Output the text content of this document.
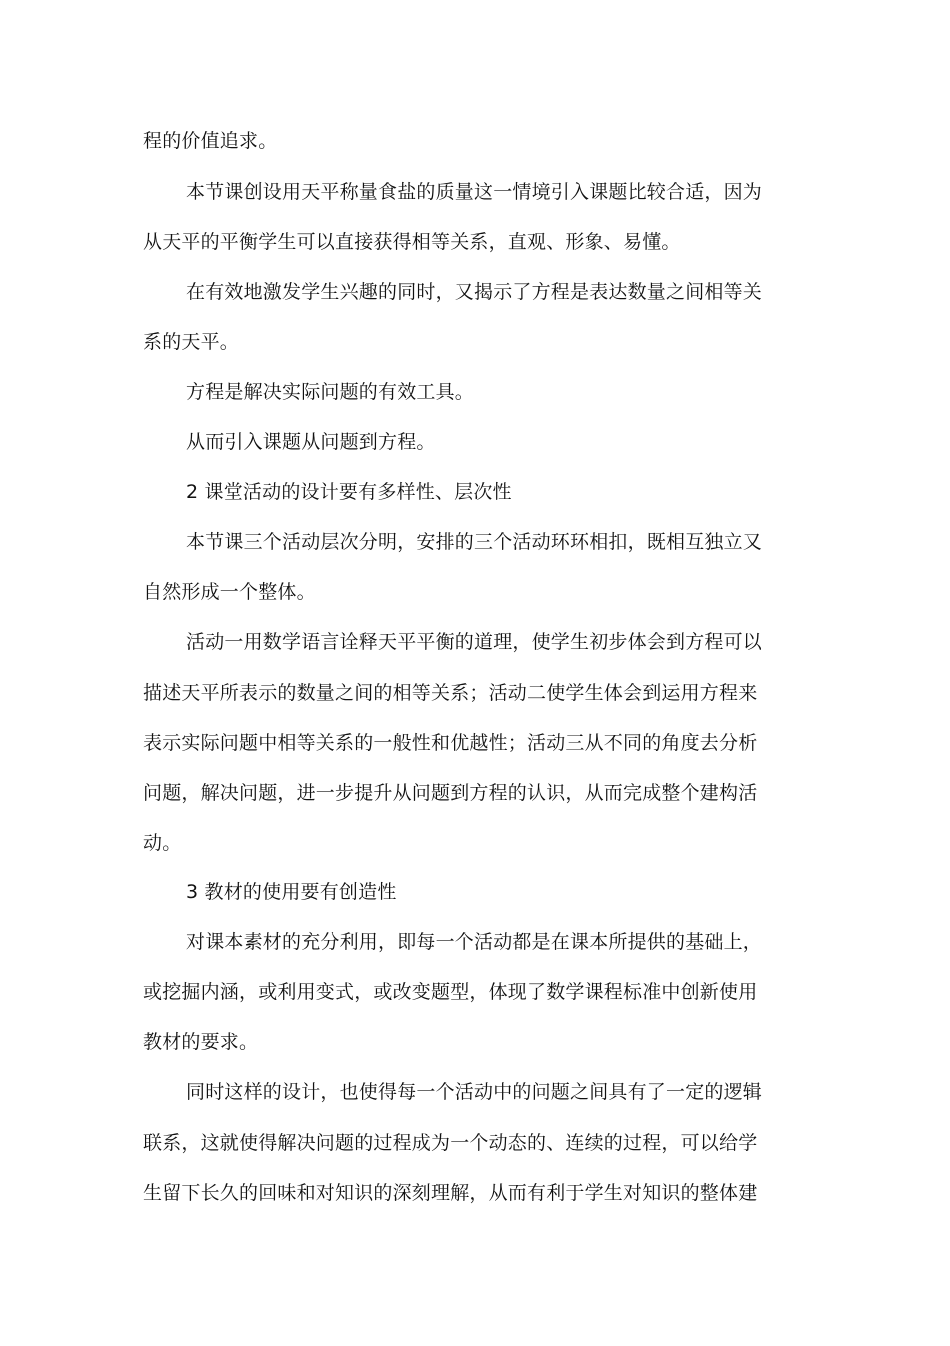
程的价值追求。
本节课创设用天平称量食盐的质量这一情境引入课题比较合适，因为
从天平的平衡学生可以直接获得相等关系，直观、形象、易懂。
在有效地激发学生兴趣的同时，又揭示了方程是表达数量之间相等关
系的天平。
方程是解决实际问题的有效工具。
从而引入课题从问题到方程。
2 课堂活动的设计要有多样性、层次性
本节课三个活动层次分明，安排的三个活动环环相扣，既相互独立又
自然形成一个整体。
活动一用数学语言诠释天平平衡的道理，使学生初步体会到方程可以
描述天平所表示的数量之间的相等关系；活动二使学生体会到运用方程来
表示实际问题中相等关系的一般性和优越性；活动三从不同的角度去分析
问题，解决问题，进一步提升从问题到方程的认识，从而完成整个建构活
动。
3 教材的使用要有创造性
对课本素材的充分利用，即每一个活动都是在课本所提供的基础上，
或挖掘内涵，或利用变式，或改变题型，体现了数学课程标准中创新使用
教材的要求。
同时这样的设计，也使得每一个活动中的问题之间具有了一定的逻辑
联系，这就使得解决问题的过程成为一个动态的、连续的过程，可以给学
生留下长久的回味和对知识的深刻理解，从而有利于学生对知识的整体建
